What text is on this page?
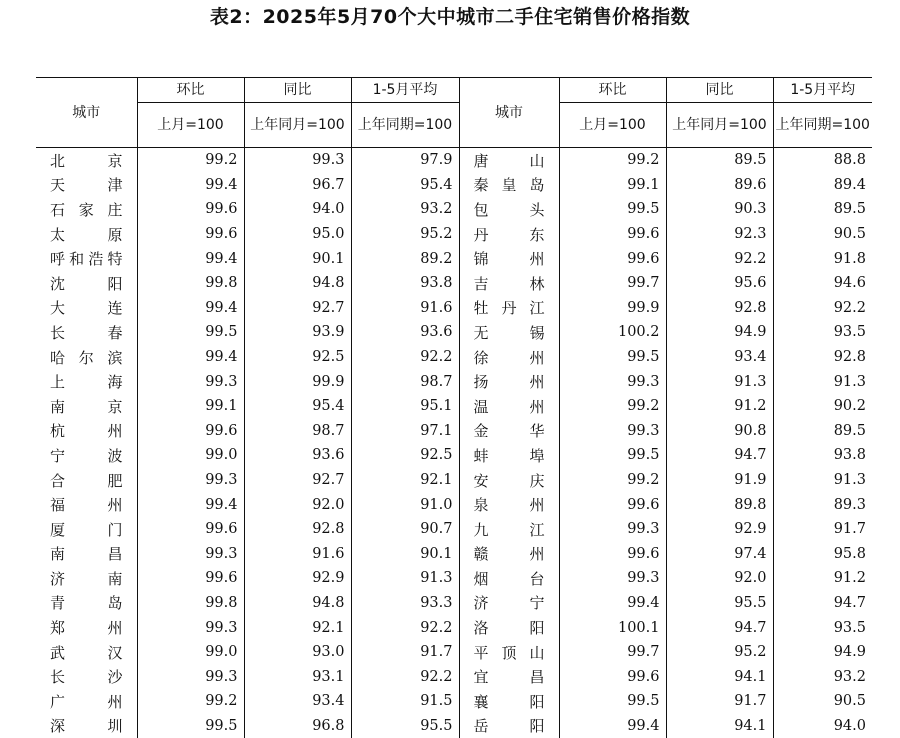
表2：2025年5月70个大中城市二手住宅销售价格指数
城市	环比	同比	1-5月平均	城市	环比	同比	1-5月平均
	上月=100	上年同月=100	上年同期=100		上月=100	上年同月=100	上年同期=100
北京	99.2	99.3	97.9	唐山	99.2	89.5	88.8
天津	99.4	96.7	95.4	秦皇岛	99.1	89.6	89.4
石家庄	99.6	94.0	93.2	包头	99.5	90.3	89.5
太原	99.6	95.0	95.2	丹东	99.6	92.3	90.5
呼和浩特	99.4	90.1	89.2	锦州	99.6	92.2	91.8
沈阳	99.8	94.8	93.8	吉林	99.7	95.6	94.6
大连	99.4	92.7	91.6	牡丹江	99.9	92.8	92.2
长春	99.5	93.9	93.6	无锡	100.2	94.9	93.5
哈尔滨	99.4	92.5	92.2	徐州	99.5	93.4	92.8
上海	99.3	99.9	98.7	扬州	99.3	91.3	91.3
南京	99.1	95.4	95.1	温州	99.2	91.2	90.2
杭州	99.6	98.7	97.1	金华	99.3	90.8	89.5
宁波	99.0	93.6	92.5	蚌埠	99.5	94.7	93.8
合肥	99.3	92.7	92.1	安庆	99.2	91.9	91.3
福州	99.4	92.0	91.0	泉州	99.6	89.8	89.3
厦门	99.6	92.8	90.7	九江	99.3	92.9	91.7
南昌	99.3	91.6	90.1	赣州	99.6	97.4	95.8
济南	99.6	92.9	91.3	烟台	99.3	92.0	91.2
青岛	99.8	94.8	93.3	济宁	99.4	95.5	94.7
郑州	99.3	92.1	92.2	洛阳	100.1	94.7	93.5
武汉	99.0	93.0	91.7	平顶山	99.7	95.2	94.9
长沙	99.3	93.1	92.2	宜昌	99.6	94.1	93.2
广州	99.2	93.4	91.5	襄阳	99.5	91.7	90.5
深圳	99.5	96.8	95.5	岳阳	99.4	94.1	94.0
